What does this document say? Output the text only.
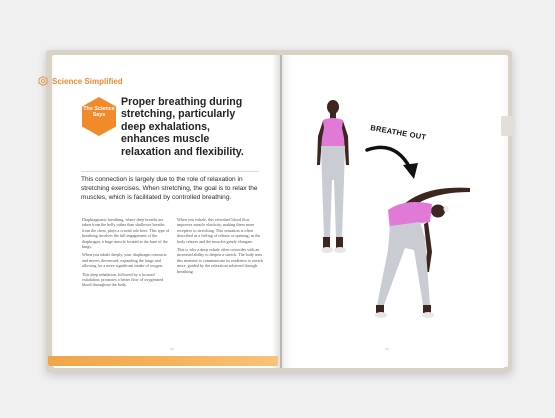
Science Simplified
The Science Says
Proper breathing during stretching, particularly deep exhalations, enhances muscle relaxation and flexibility.
This connection is largely due to the role of relaxation in stretching exercises. When stretching, the goal is to relax the muscles, which is facilitated by controlled breathing.

Diaphragmatic breathing, where deep breaths are taken from the belly rather than shallower breaths from the chest, plays a crucial role here. This type of breathing involves the full engagement of the diaphragm, a large muscle located at the base of the lungs.

When you inhale deeply, your diaphragm contracts and moves downward, expanding the lungs and allowing for a more significant intake of oxygen.

This deep inhalation, followed by a focused exhalation, promotes a better flow of oxygenated blood throughout the body.

When you exhale, this refreshed blood flow improves muscle elasticity, making them more receptive to stretching. This sensation is often described as a feeling of release or opening, as the body relaxes and the muscles gently elongate.

This is why a deep exhale often coincides with an increased ability to deepen a stretch. The body uses this moment to communicate its readiness to stretch more, guided by the relaxation achieved through breathing.

16	16
BREATHE OUT
